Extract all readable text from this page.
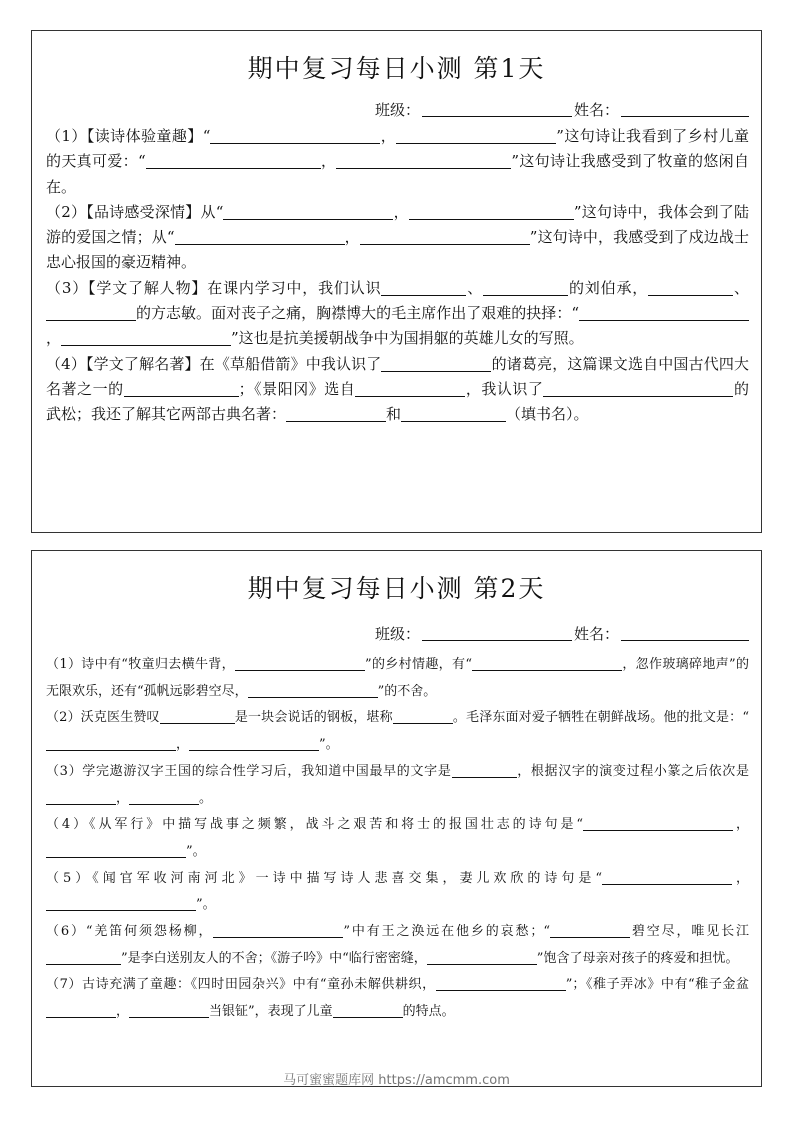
期中复习每日小测 第1天
班级：	姓名：
（1）【读诗体验童趣】“	，	”这句诗让我看到了乡村儿童的天真可爱：“	，	”这句诗让我感受到了牧童的悠闲自在。
（2）【品诗感受深情】从“	，	”这句诗中，我体会到了陆游的爱国之情；从“	，	”这句诗中，我感受到了戍边战士忠心报国的豪迈精神。
（3）【学文了解人物】在课内学习中，我们认识	、	的刘伯承，	、的方志敏。面对丧子之痛，胸襟博大的毛主席作出了艰难的抉择：“，	”这也是抗美援朝战争中为国捐躯的英雄儿女的写照。
（4）【学文了解名著】在《草船借箭》中我认识了	的诸葛亮，这篇课文选自中国古代四大名著之一的	；《景阳冈》选自	，我认识了	的武松；我还了解其它两部古典名著：	和	（填书名）。
期中复习每日小测 第2天
班级：	姓名：
（1）诗中有“牧童归去横牛背，	”的乡村情趣，有“	，忽作玻璃碎地声”的无限欢乐，还有“孤帆远影碧空尽，	”的不舍。
（2）沃克医生赞叹	是一块会说话的钢板，堪称	。毛泽东面对爱子牺牲在朝鲜战场。他的批文是：“，	”。
（3）学完遨游汉字王国的综合性学习后，我知道中国最早的文字是	，根据汉字的演变过程小篆之后依次是，	。
（4）《从军行》中描写战事之频繁，战斗之艰苦和将士的报国壮志的诗句是“	，”。
（5）《闻官军收河南河北》一诗中描写诗人悲喜交集，妻儿欢欣的诗句是“	，”。
（6）“羌笛何须怨杨柳，	”中有王之涣远在他乡的哀愁；“	碧空尽，唯见长江”是李白送别友人的不舍；《游子吟》中“临行密密缝，	”饱含了母亲对孩子的疼爱和担忧。
（7）古诗充满了童趣：《四时田园杂兴》中有“童孙未解供耕织，	”；《稚子弄冰》中有“稚子金盆，	当银钲”，表现了儿童	的特点。
马可蜜蜜题库网 https://amcmm.com
